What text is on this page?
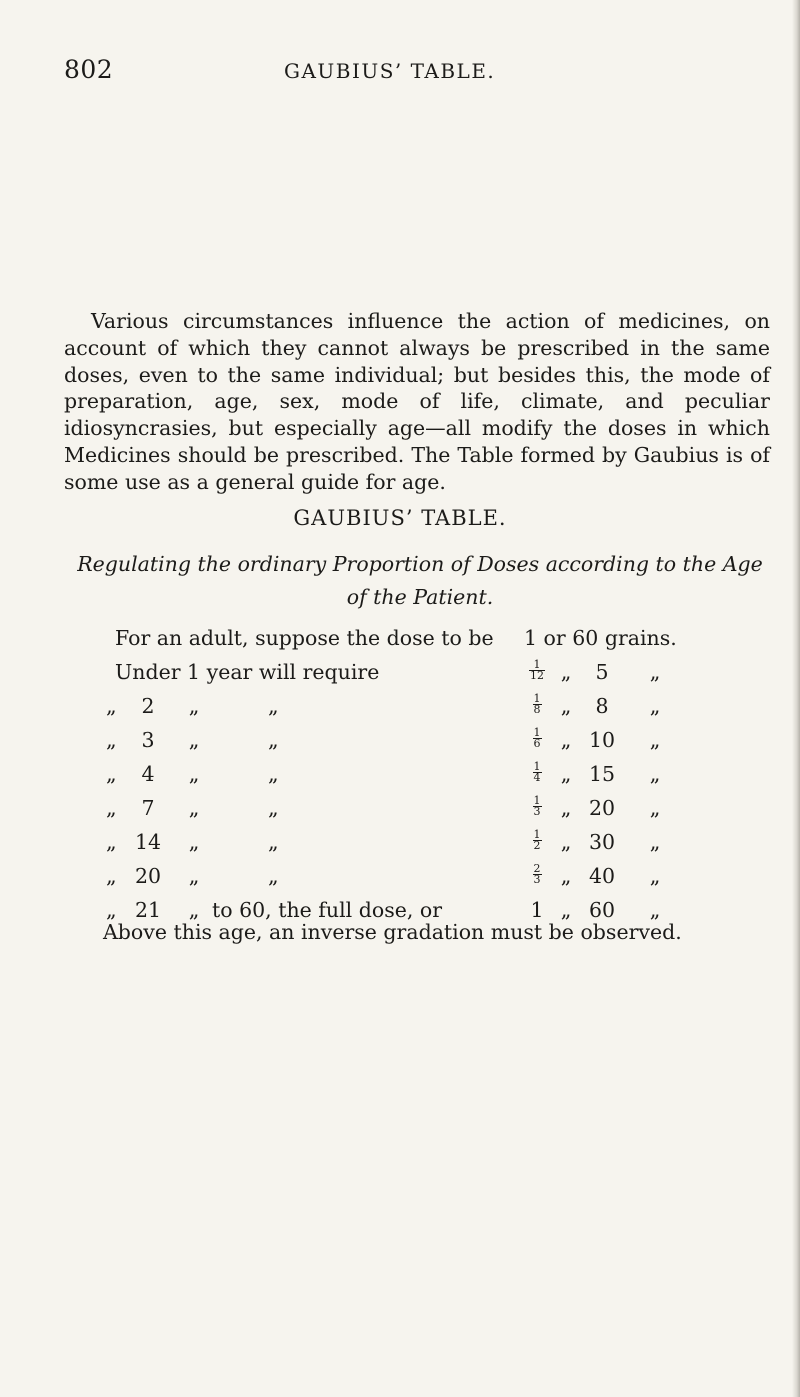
802	GAUBIUS’ TABLE.

Various circumstances influence the action of medicines, on account of which they cannot always be prescribed in the same doses, even to the same individual; but besides this, the mode of preparation, age, sex, mode of life, climate, and peculiar idiosyncrasies, but especially age—all modify the doses in which Medicines should be prescribed. The Table formed by Gaubius is of some use as a general guide for age.

GAUBIUS’ TABLE.

Regulating the ordinary Proportion of Doses according to the Age of the Patient.

For an adult, suppose the dose to be 1 or 60 grains.
Under 1 year will require	$\frac{1}{12}$ „	5	„
„	2	„	„	$\frac{1}{8}$ „	8	„
„	3	„	„	$\frac{1}{6}$ „ 10	„
„	4	„	„	$\frac{1}{4}$ „ 15	„
„	7	„	„	$\frac{1}{3}$ „ 20	„
„ 14	„	„	$\frac{1}{2}$ „ 30	„
„ 20	„	„	$\frac{2}{3}$ „ 40	„
„ 21	„ to 60, the full dose, or	1 „ 60	„

Above this age, an inverse gradation must be observed.
